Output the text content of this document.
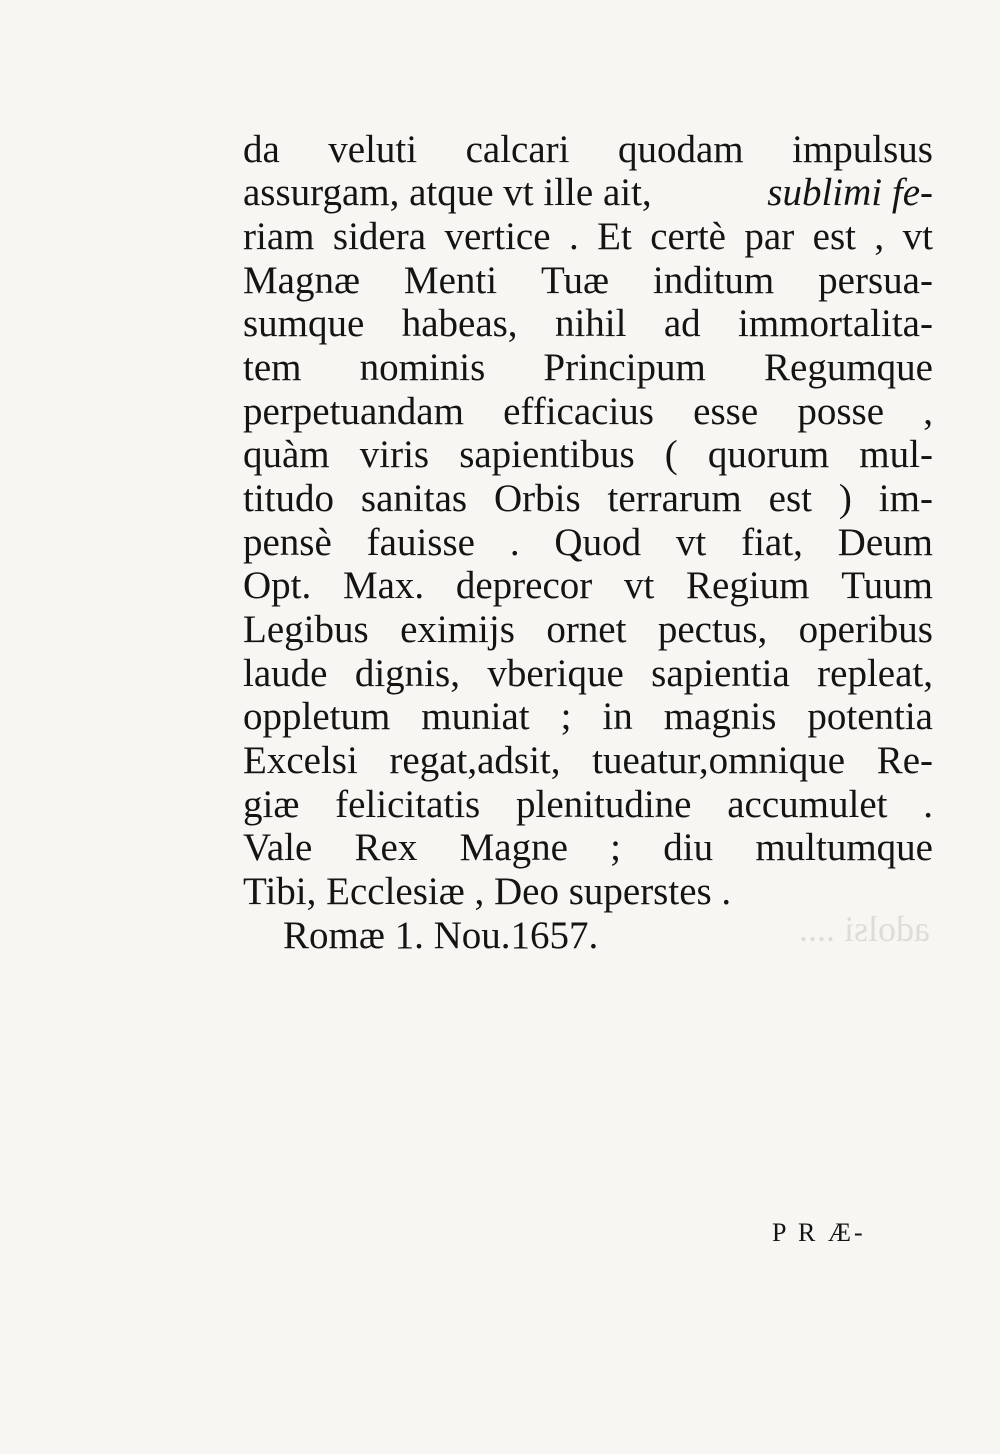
adolsi ....
da veluti calcari quodam impulsus
assurgam, atque vt ille ait,	sublimi fe-
riam sidera vertice . Et certè par est , vt
Magnæ Menti Tuæ inditum persua-
sumque habeas, nihil ad immortalita-
tem nominis Principum Regumque
perpetuandam efficacius esse posse ,
quàm viris sapientibus ( quorum mul-
titudo sanitas Orbis terrarum est ) im-
pensè fauisse . Quod vt fiat, Deum
Opt. Max. deprecor vt Regium Tuum
Legibus eximijs ornet pectus, operibus
laude dignis, vberique sapientia repleat,
oppletum muniat ; in magnis potentia
Excelsi regat,adsit, tueatur,omnique Re-
giæ felicitatis plenitudine accumulet .
Vale Rex Magne ; diu multumque
Tibi, Ecclesiæ , Deo superstes .
Romæ 1. Nou.1657.
P R Æ-
